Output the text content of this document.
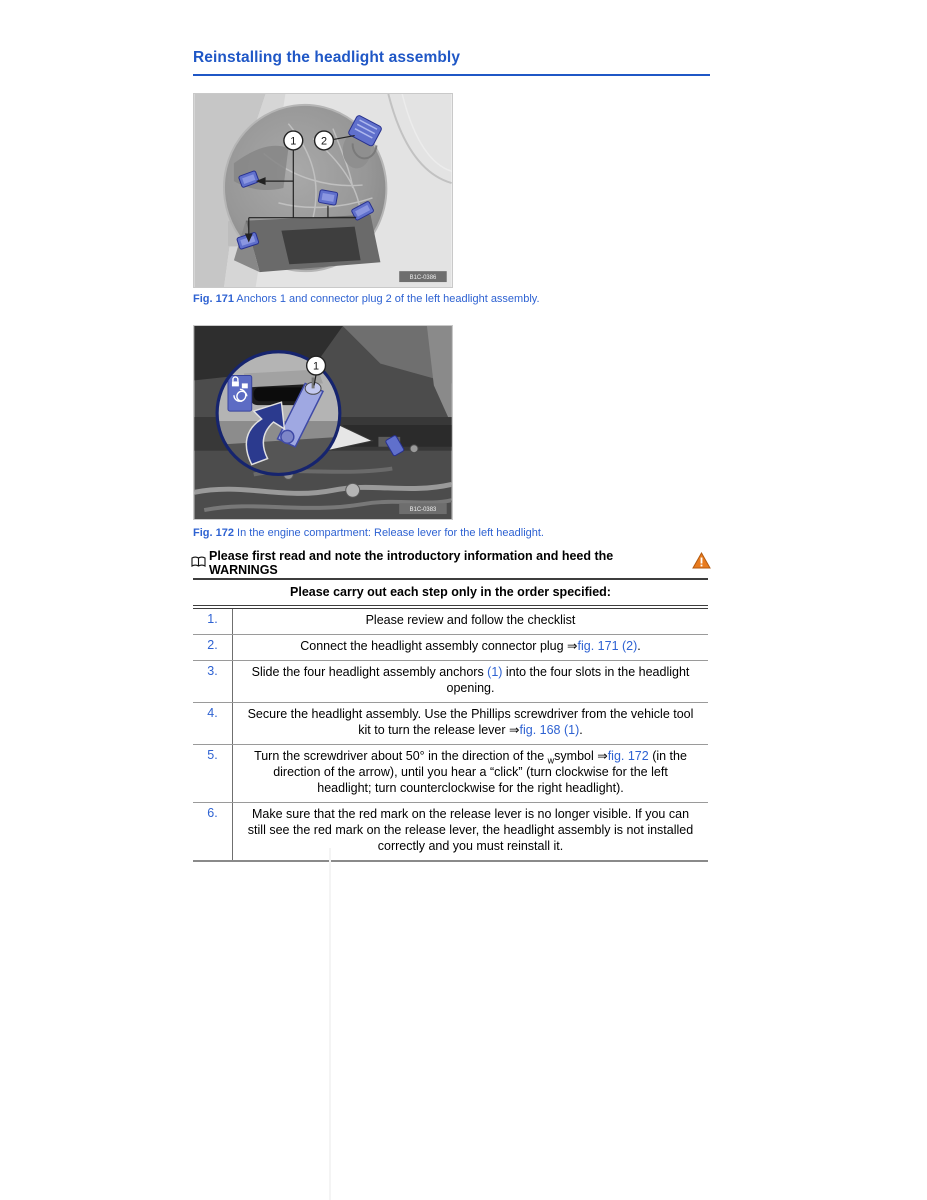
Reinstalling the headlight assembly
1 2
B1C-0386
Fig. 171 Anchors 1 and connector plug 2 of the left headlight assembly.
1
B1C-0383
Fig. 172 In the engine compartment: Release lever for the left headlight.
Please first read and note the introductory information and heed the WARNINGS
Please carry out each step only in the order specified:
1.	Please review and follow the checklist
2.	Connect the headlight assembly connector plug ⇒fig. 171 (2).
3.	Slide the four headlight assembly anchors (1) into the four slots in the headlight opening.
4.	Secure the headlight assembly. Use the Phillips screwdriver from the vehicle tool kit to turn the release lever ⇒fig. 168 (1).
5.	Turn the screwdriver about 50° in the direction of the $_w$symbol ⇒fig. 172 (in the direction of the arrow), until you hear a “click” (turn clockwise for the left headlight; turn counterclockwise for the right headlight).
6.	Make sure that the red mark on the release lever is no longer visible. If you can still see the red mark on the release lever, the headlight assembly is not installed correctly and you must reinstall it.
